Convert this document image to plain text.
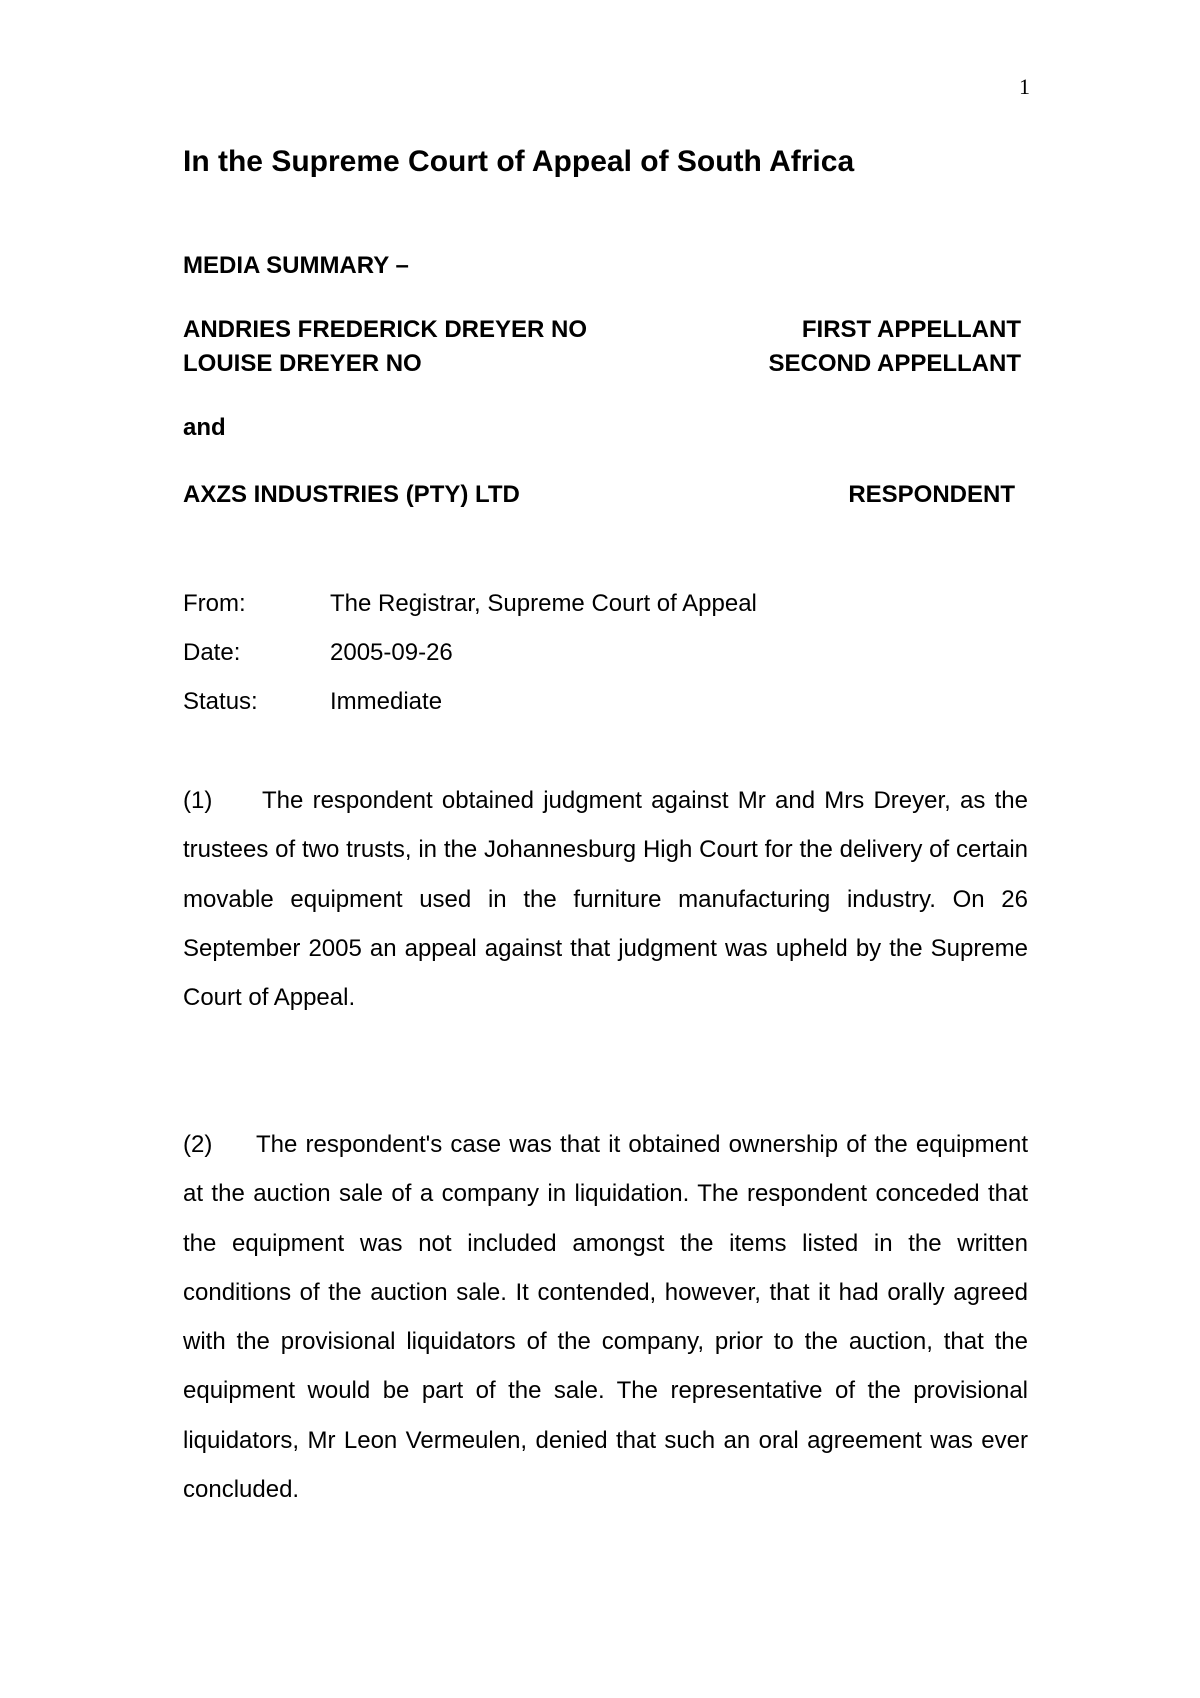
1
In the Supreme Court of Appeal of South Africa
MEDIA SUMMARY –
ANDRIES FREDERICK DREYER NO	FIRST APPELLANT
LOUISE DREYER NO	SECOND APPELLANT
and
AXZS INDUSTRIES (PTY) LTD	RESPONDENT
From:	The Registrar, Supreme Court of Appeal
Date:	2005-09-26
Status:	Immediate

(1) The respondent obtained judgment against Mr and Mrs Dreyer, as the trustees of two trusts, in the Johannesburg High Court for the delivery of certain movable equipment used in the furniture manufacturing industry. On 26 September 2005 an appeal against that judgment was upheld by the Supreme Court of Appeal.

(2) The respondent's case was that it obtained ownership of the equipment at the auction sale of a company in liquidation. The respondent conceded that the equipment was not included amongst the items listed in the written conditions of the auction sale. It contended, however, that it had orally agreed with the provisional liquidators of the company, prior to the auction, that the equipment would be part of the sale. The representative of the provisional liquidators, Mr Leon Vermeulen, denied that such an oral agreement was ever concluded.
